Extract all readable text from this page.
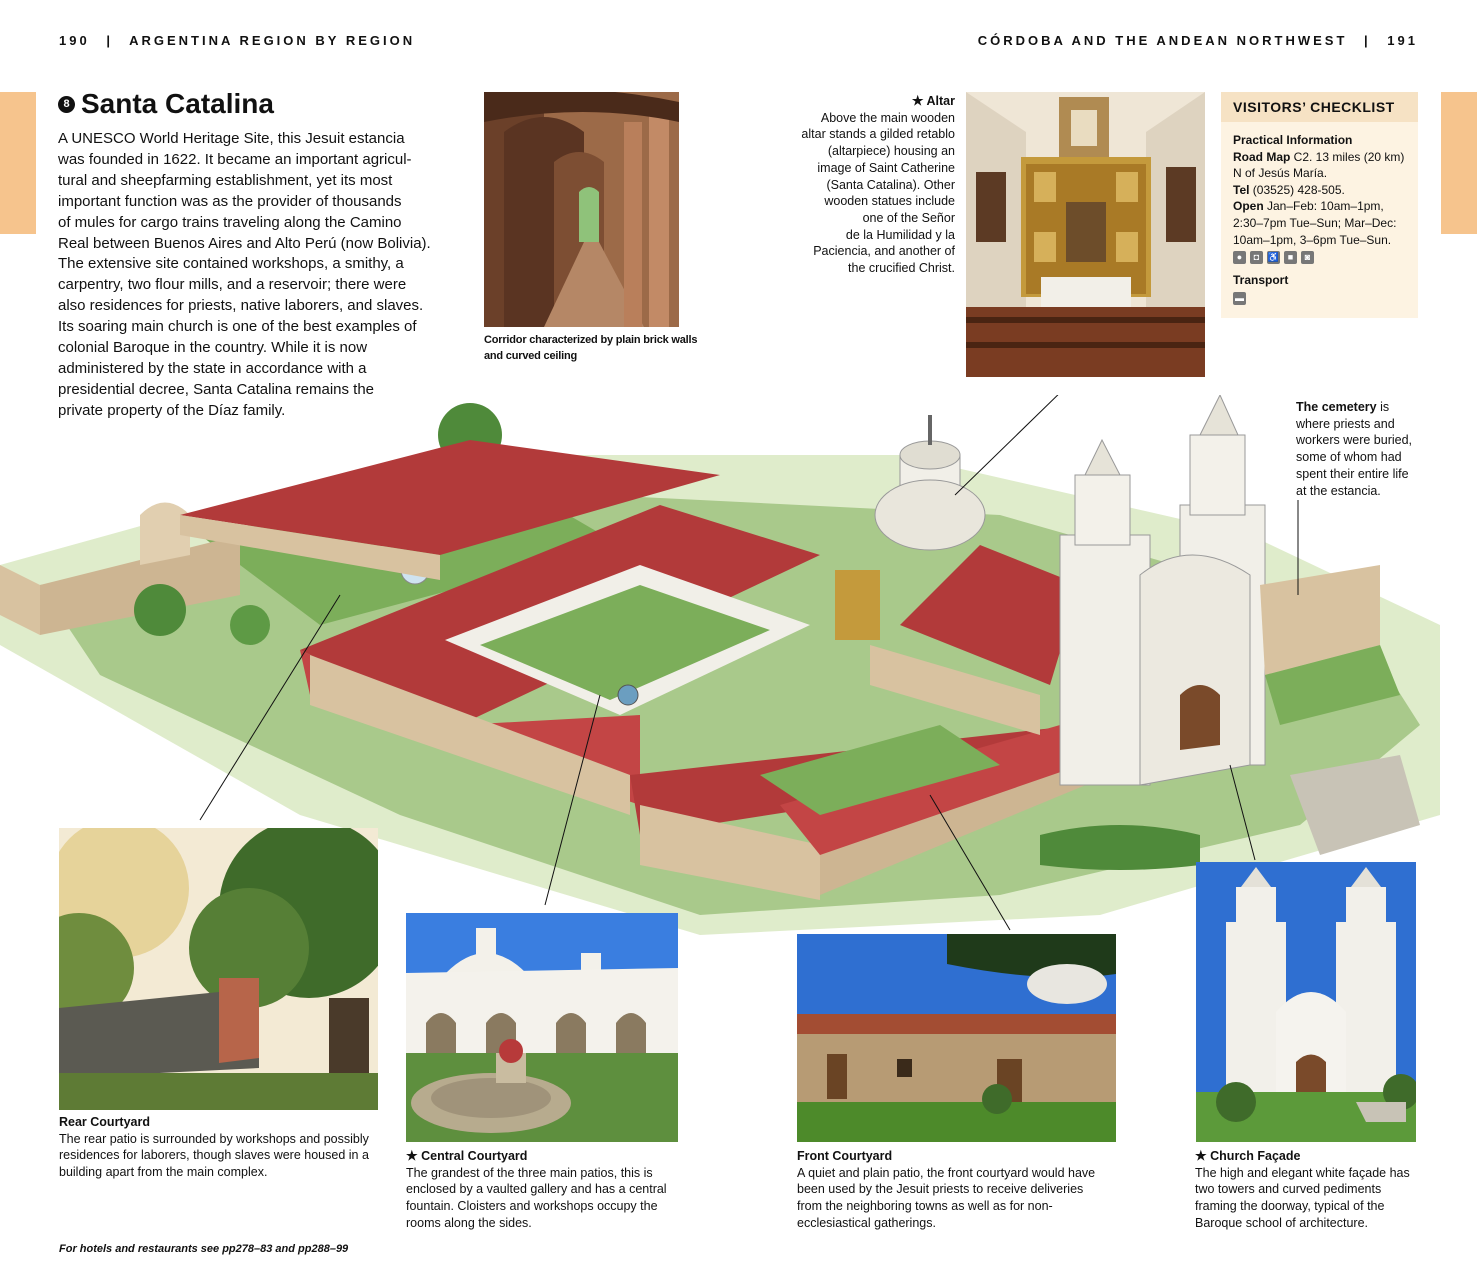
190 | ARGENTINA REGION BY REGION	CÓRDOBA AND THE ANDEAN NORTHWEST | 191
8 Santa Catalina
A UNESCO World Heritage Site, this Jesuit estancia
was founded in 1622. It became an important agricul-
tural and sheepfarming establishment, yet its most
important function was as the provider of thousands
of mules for cargo trains traveling along the Camino
Real between Buenos Aires and Alto Perú (now Bolivia).
The extensive site contained workshops, a smithy, a
carpentry, two flour mills, and a reservoir; there were
also residences for priests, native laborers, and slaves.
Its soaring main church is one of the best examples of
colonial Baroque in the country. While it is now
administered by the state in accordance with a
presidential decree, Santa Catalina remains the
private property of the Díaz family.
Corridor characterized by plain brick walls
and curved ceiling
★ Altar
Above the main wooden
altar stands a gilded retablo
(altarpiece) housing an
image of Saint Catherine
(Santa Catalina). Other
wooden statues include
one of the Señor
de la Humilidad y la
Paciencia, and another of
the crucified Christ.
VISITORS’ CHECKLIST
Practical Information
Road Map C2. 13 miles (20 km)
N of Jesús María.
Tel (03525) 428-505.
Open Jan–Feb: 10am–1pm,
2:30–7pm Tue–Sun; Mar–Dec:
10am–1pm, 3–6pm Tue–Sun.
●	◘ ♿ ■	◙
Transport
▬
The cemetery is
where priests and
workers were buried,
some of whom had
spent their entire life
at the estancia.
Rear Courtyard
The rear patio is surrounded by workshops and possibly
residences for laborers, though slaves were housed in a
building apart from the main complex.
★ Central Courtyard
The grandest of the three main patios, this is
enclosed by a vaulted gallery and has a central
fountain. Cloisters and workshops occupy the
rooms along the sides.
Front Courtyard
A quiet and plain patio, the front courtyard would have
been used by the Jesuit priests to receive deliveries
from the neighboring towns as well as for non-
ecclesiastical gatherings.
★ Church Façade
The high and elegant white façade has
two towers and curved pediments
framing the doorway, typical of the
Baroque school of architecture.
For hotels and restaurants see pp278–83 and pp288–99
